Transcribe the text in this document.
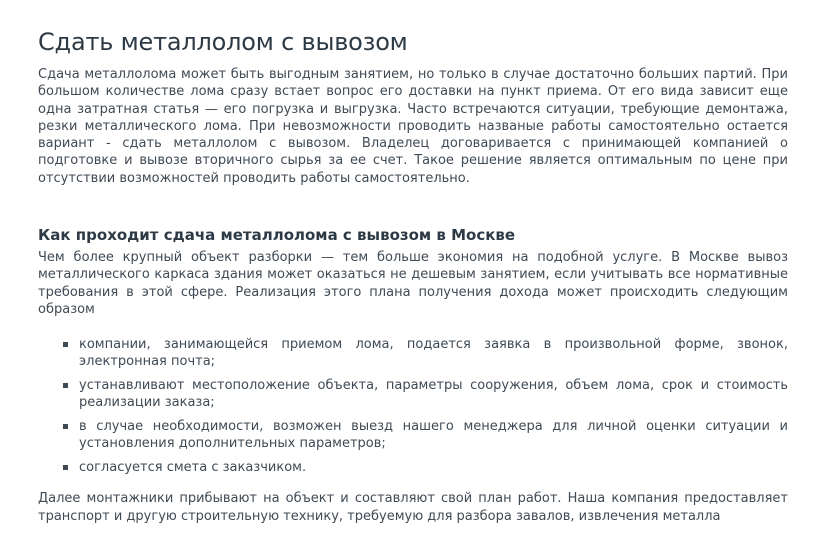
Сдать металлолом с вывозом

Сдача металлолома может быть выгодным занятием, но только в случае достаточно больших партий. При большом количестве лома сразу встает вопрос его доставки на пункт приема. От его вида зависит еще одна затратная статья — его погрузка и выгрузка. Часто встречаются ситуации, требующие демонтажа, резки металлического лома. При невозможности проводить названые работы самостоятельно остается вариант - сдать металлолом с вывозом. Владелец договаривается с принимающей компанией о подготовке и вывозе вторичного сырья за ее счет. Такое решение является оптимальным по цене при отсутствии возможностей проводить работы самостоятельно.

Как проходит сдача металлолома с вывозом в Москве

Чем более крупный объект разборки — тем больше экономия на подобной услуге. В Москве вывоз металлического каркаса здания может оказаться не дешевым занятием, если учитывать все нормативные требования в этой сфере. Реализация этого плана получения дохода может происходить следующим образом

компании, занимающейся приемом лома, подается заявка в произвольной форме, звонок, электронная почта;
устанавливают местоположение объекта, параметры сооружения, объем лома, срок и стоимость реализации заказа;
в случае необходимости, возможен выезд нашего менеджера для личной оценки ситуации и установления дополнительных параметров;
согласуется смета с заказчиком.

Далее монтажники прибывают на объект и составляют свой план работ. Наша компания предоставляет транспорт и другую строительную технику, требуемую для разбора завалов, извлечения металла
